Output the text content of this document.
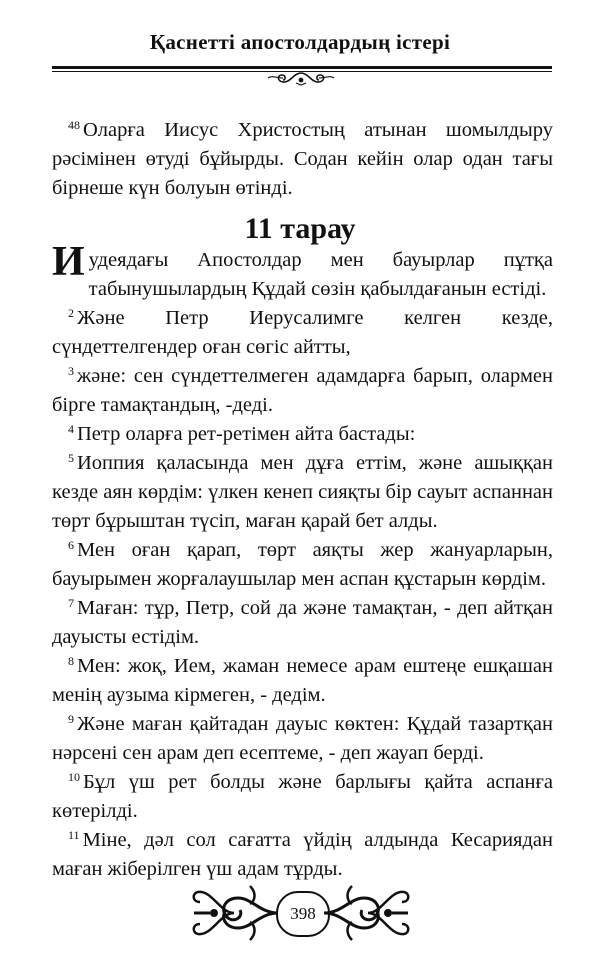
Қаснетті апостолдардың істері

$^{48}$ Оларға Иисус Христостың атынан шомылдыру рәсімінен өтуді бұйырды. Содан кейін олар одан тағы бірнеше күн болуын өтінді.

11 тарау

Иудеядағы Апостолдар мен бауырлар пұтқа табынушылардың Құдай сөзін қабылдағанын естіді.

$^2$ Және Петр Иерусалимге келген кезде, сүндеттелгендер оған сөгіс айтты,

$^3$ және: сен сүндеттелмеген адамдарға барып, олармен бірге тамақтандың, -деді.

$^4$ Петр оларға рет-ретімен айта бастады:

$^5$ Иоппия қаласында мен дұға еттім, және ашыққан кезде аян көрдім: үлкен кенеп сияқты бір сауыт аспаннан төрт бұрыштан түсіп, маған қарай бет алды.

$^6$ Мен оған қарап, төрт аяқты жер жануарларын, бауырымен жорғалаушылар мен аспан құстарын көрдім.

$^7$ Маған: тұр, Петр, сой да және тамақтан, - деп айтқан дауысты естідім.

$^8$ Мен: жоқ, Ием, жаман немесе арам ештеңе ешқашан менің аузыма кірмеген, - дедім.

$^9$ Және маған қайтадан дауыс көктен: Құдай тазартқан нәрсені сен арам деп есептеме, - деп жауап берді.

$^{10}$ Бұл үш рет болды және барлығы қайта аспанға көтерілді.

$^{11}$ Міне, дәл сол сағатта үйдің алдында Кесариядан маған жіберілген үш адам тұрды.

398
